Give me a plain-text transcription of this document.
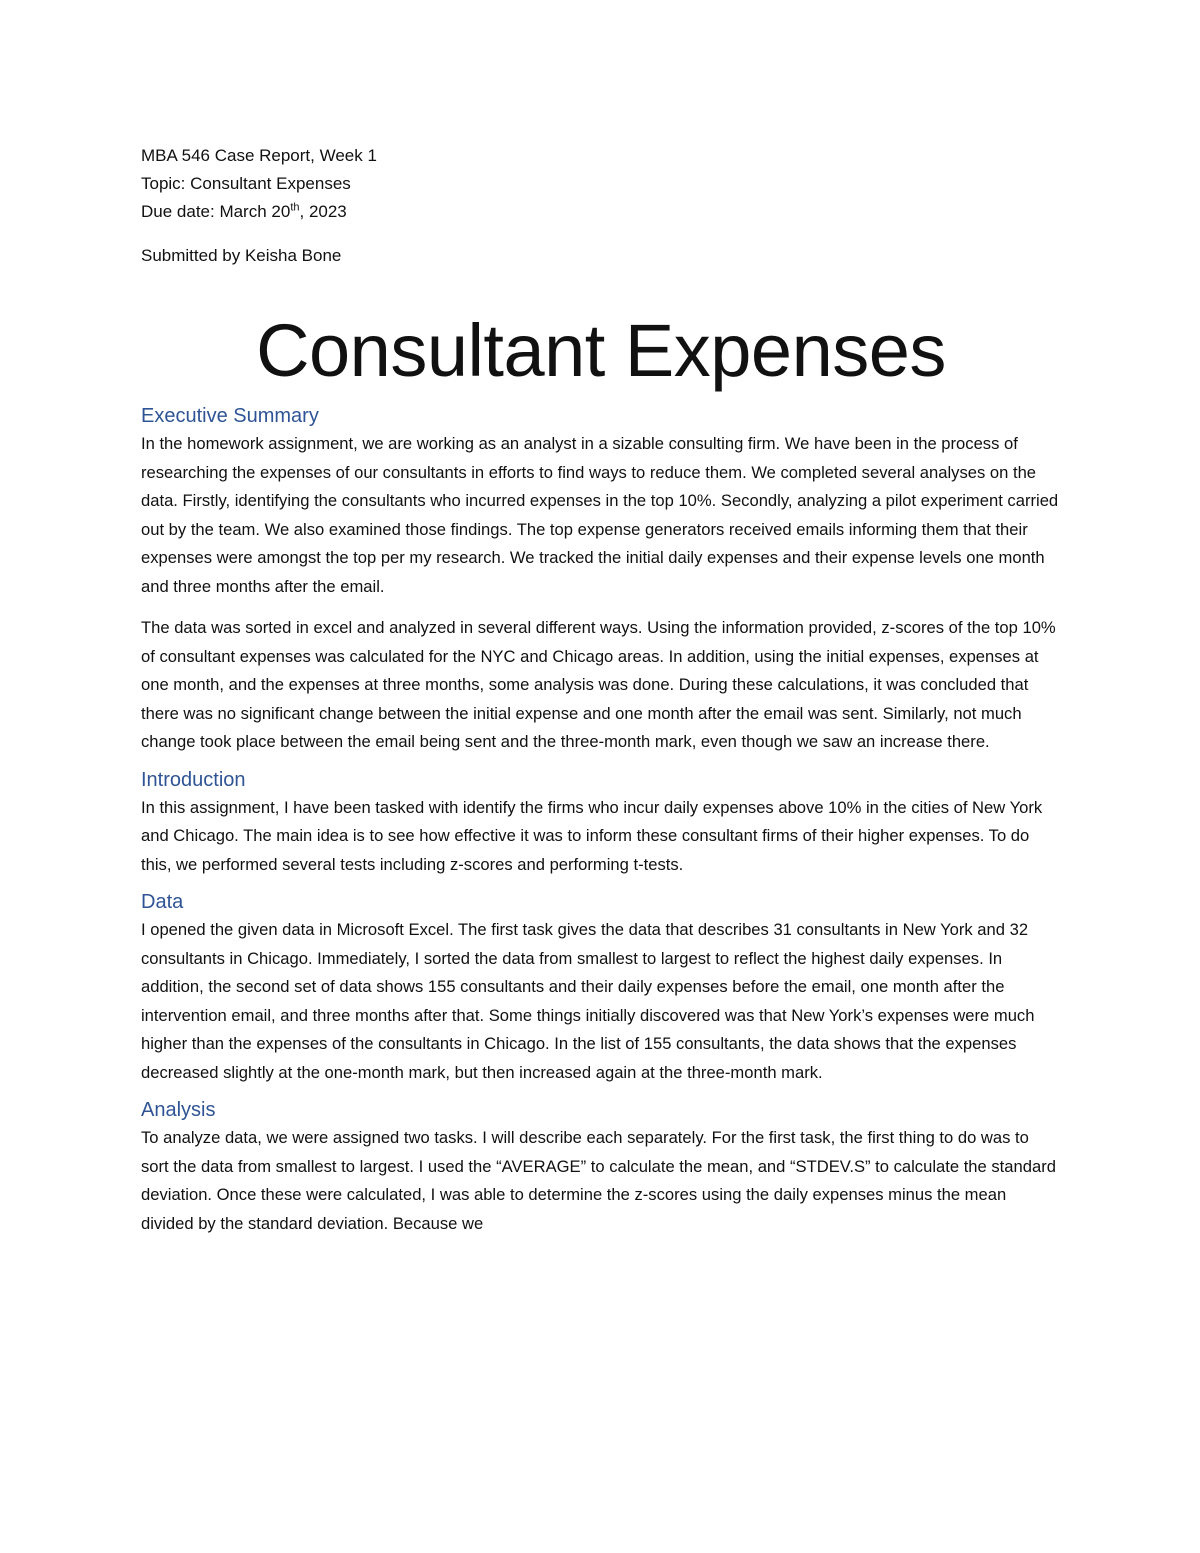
MBA 546 Case Report, Week 1

Topic: Consultant Expenses

Due date: March 20th, 2023

Submitted by Keisha Bone

Consultant Expenses
Executive Summary

In the homework assignment, we are working as an analyst in a sizable consulting firm. We have been in the process of researching the expenses of our consultants in efforts to find ways to reduce them. We completed several analyses on the data. Firstly, identifying the consultants who incurred expenses in the top 10%. Secondly, analyzing a pilot experiment carried out by the team. We also examined those findings. The top expense generators received emails informing them that their expenses were amongst the top per my research. We tracked the initial daily expenses and their expense levels one month and three months after the email.

The data was sorted in excel and analyzed in several different ways. Using the information provided, z-scores of the top 10% of consultant expenses was calculated for the NYC and Chicago areas. In addition, using the initial expenses, expenses at one month, and the expenses at three months, some analysis was done. During these calculations, it was concluded that there was no significant change between the initial expense and one month after the email was sent. Similarly, not much change took place between the email being sent and the three-month mark, even though we saw an increase there.

Introduction

In this assignment, I have been tasked with identify the firms who incur daily expenses above 10% in the cities of New York and Chicago. The main idea is to see how effective it was to inform these consultant firms of their higher expenses. To do this, we performed several tests including z-scores and performing t-tests.

Data

I opened the given data in Microsoft Excel. The first task gives the data that describes 31 consultants in New York and 32 consultants in Chicago. Immediately, I sorted the data from smallest to largest to reflect the highest daily expenses. In addition, the second set of data shows 155 consultants and their daily expenses before the email, one month after the intervention email, and three months after that. Some things initially discovered was that New York’s expenses were much higher than the expenses of the consultants in Chicago. In the list of 155 consultants, the data shows that the expenses decreased slightly at the one-month mark, but then increased again at the three-month mark.

Analysis

To analyze data, we were assigned two tasks. I will describe each separately. For the first task, the first thing to do was to sort the data from smallest to largest. I used the “AVERAGE” to calculate the mean, and “STDEV.S” to calculate the standard deviation. Once these were calculated, I was able to determine the z-scores using the daily expenses minus the mean divided by the standard deviation. Because we
